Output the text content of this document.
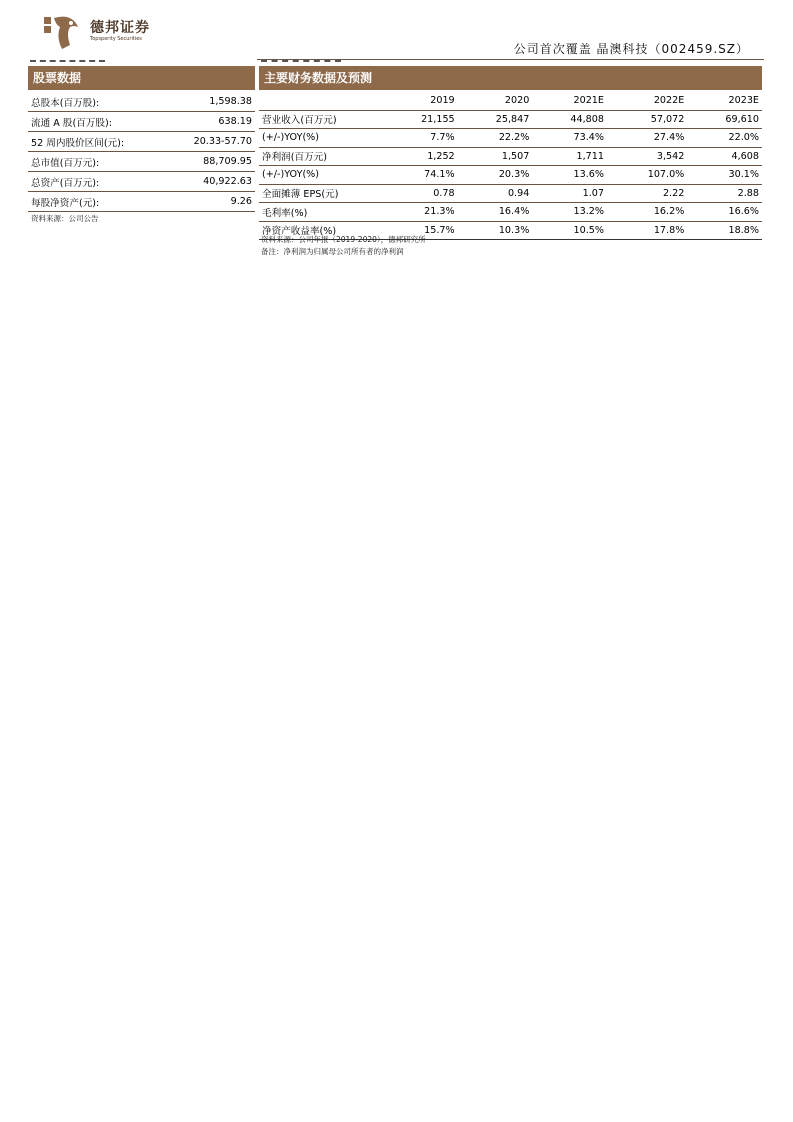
德邦证券
Topsperity Securities
公司首次覆盖 晶澳科技（002459.SZ）
股票数据
总股本(百万股):	1,598.38
流通 A 股(百万股):	638.19
52 周内股价区间(元):	20.33-57.70
总市值(百万元):	88,709.95
总资产(百万元):	40,922.63
每股净资产(元):	9.26
资料来源：公司公告
主要财务数据及预测
	2019	2020	2021E	2022E	2023E
营业收入(百万元)	21,155	25,847	44,808	57,072	69,610
(+/-)YOY(%)	7.7%	22.2%	73.4%	27.4%	22.0%
净利润(百万元)	1,252	1,507	1,711	3,542	4,608
(+/-)YOY(%)	74.1%	20.3%	13.6%	107.0%	30.1%
全面摊薄 EPS(元)	0.78	0.94	1.07	2.22	2.88
毛利率(%)	21.3%	16.4%	13.2%	16.2%	16.6%
净资产收益率(%)	15.7%	10.3%	10.5%	17.8%	18.8%
资料来源：公司年报（2019-2020），德邦研究所
备注：净利润为归属母公司所有者的净利润
